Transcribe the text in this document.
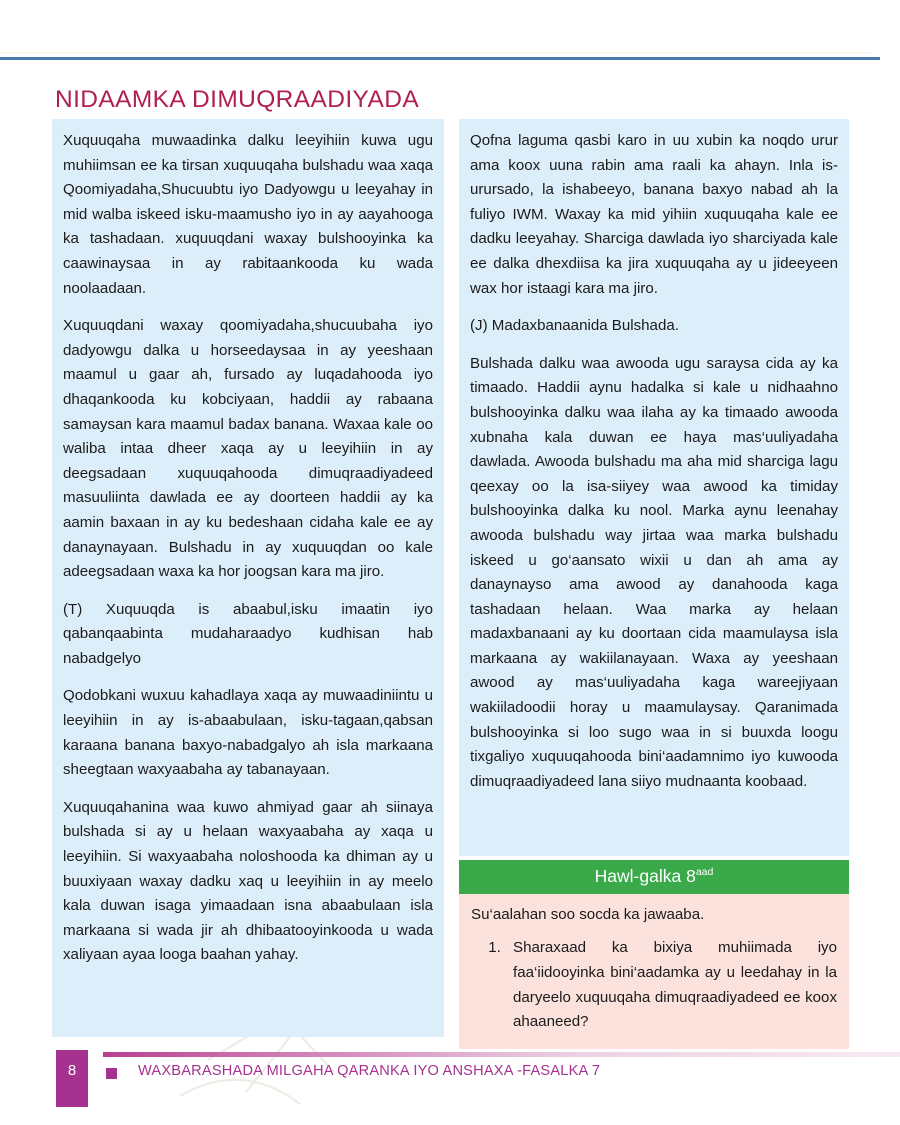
NIDAAMKA DIMUQRAADIYADA

Xuquuqaha muwaadinka dalku leeyihiin kuwa ugu muhiimsan ee ka tirsan xuquuqaha bulshadu waa xaqa Qoomiyadaha,Shucuubtu iyo Dadyowgu u leeyahay in mid walba iskeed isku-maamusho iyo in ay aayahooga ka tashadaan. xuquuqdani waxay bulshooyinka ka caawinaysaa in ay rabitaankooda ku wada noolaadaan.

Xuquuqdani waxay qoomiyadaha,shucuubaha iyo dadyowgu dalka u horseedaysaa in ay yeeshaan maamul u gaar ah, fursado ay luqadahooda iyo dhaqankooda ku kobciyaan, haddii ay rabaana samaysan kara maamul badax banana. Waxaa kale oo waliba intaa dheer xaqa ay u leeyihiin in ay deegsadaan xuquuqahooda dimuqraadiyadeed masuuliinta dawlada ee ay doorteen haddii ay ka aamin baxaan in ay ku bedeshaan cidaha kale ee ay danaynayaan. Bulshadu in ay xuquuqdan oo kale adeegsadaan waxa ka hor joogsan kara ma jiro.

(T) Xuquuqda is abaabul,isku imaatin iyo qabanqaabinta mudaharaadyo kudhisan hab nabadgelyo

Qodobkani wuxuu kahadlaya xaqa ay muwaadiniintu u leeyihiin in ay is-abaabulaan, isku-tagaan,qabsan karaana banana baxyo-nabadgalyo ah isla markaana sheegtaan waxyaabaha ay tabanayaan.

Xuquuqahanina waa kuwo ahmiyad gaar ah siinaya bulshada si ay u helaan waxyaabaha ay xaqa u leeyihiin. Si waxyaabaha noloshooda ka dhiman ay u buuxiyaan waxay dadku xaq u leeyihiin in ay meelo kala duwan isaga yimaadaan isna abaabulaan isla markaana si wada jir ah dhibaatooyinkooda u wada xaliyaan ayaa looga baahan yahay.

Qofna laguma qasbi karo in uu xubin ka noqdo urur ama koox uuna rabin ama raali ka ahayn. Inla is-urursado, la ishabeeyo, banana baxyo nabad ah la fuliyo IWM. Waxay ka mid yihiin xuquuqaha kale ee dadku leeyahay. Sharciga dawlada iyo sharciyada kale ee dalka dhexdiisa ka jira xuquuqaha ay u jideeyeen wax hor istaagi kara ma jiro.

(J) Madaxbanaanida Bulshada.

Bulshada dalku waa awooda ugu saraysa cida ay ka timaado. Haddii aynu hadalka si kale u nidhaahno bulshooyinka dalku waa ilaha ay ka timaado awooda xubnaha kala duwan ee haya mas‘uuliyadaha dawlada. Awooda bulshadu ma aha mid sharciga lagu qeexay oo la isa-siiyey waa awood ka timiday bulshooyinka dalka ku nool. Marka aynu leenahay awooda bulshadu way jirtaa waa marka bulshadu iskeed u go‘aansato wixii u dan ah ama ay danaynayso ama awood ay danahooda kaga tashadaan helaan. Waa marka ay helaan madaxbanaani ay ku doortaan cida maamulaysa isla markaana ay wakiilanayaan. Waxa ay yeeshaan awood ay mas‘uuliyadaha kaga wareejiyaan wakiiladoodii horay u maamulaysay. Qaranimada bulshooyinka si loo sugo waa in si buuxda loogu tixgaliyo xuquuqahooda bini‘aadamnimo iyo kuwooda dimuqraadiyadeed lana siiyo mudnaanta koobaad.

Hawl-galka $8^{aad}$

Su‘aalahan soo socda ka jawaaba.

1. Sharaxaad ka bixiya muhiimada iyo faa‘iidooyinka bini‘aadamka ay u leedahay in la daryeelo xuquuqaha dimuqraadiyadeed ee koox ahaaneed?
8	WAXBARASHADA MILGAHA QARANKA IYO ANSHAXA -FASALKA 7
